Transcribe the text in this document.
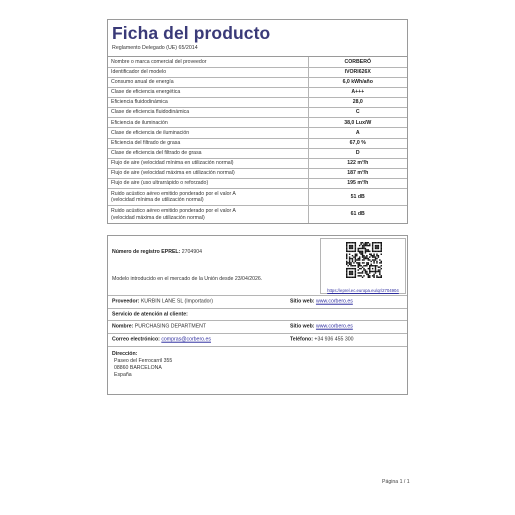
Ficha del producto
Reglamento Delegado (UE) 65/2014
Nombre o marca comercial del proveedor	CORBERÓ
Identificador del modelo	IVORI626X
Consumo anual de energía	6,0 kWh/año
Clase de eficiencia energética	A+++
Eficiencia fluidodinámica	28,0
Clase de eficiencia fluidodinámica	C
Eficiencia de iluminación	38,0 Lux/W
Clase de eficiencia de iluminación	A
Eficiencia del filtrado de grasa	67,0 %
Clase de eficiencia del filtrado de grasa	D
Flujo de aire (velocidad mínima en utilización normal)	122 m³/h
Flujo de aire (velocidad máxima en utilización normal)	187 m³/h
Flujo de aire (uso ultrarrápido o reforzado)	195 m³/h

Ruido acústico aéreo emitido ponderado por el valor A
(velocidad mínima de utilización normal)	51 dB

Ruido acústico aéreo emitido ponderado por el valor A
(velocidad máxima de utilización normal)	61 dB
Número de registro EPREL: 2704904
Modelo introducido en el mercado de la Unión desde 23/04/2026.
https://eprel.ec.europa.eu/qr/2704904
Proveedor: KURBIN LANE SL (Importador)	Sitio web: www.corbero.es
Servicio de atención al cliente:
Nombre: PURCHASING DEPARTMENT	Sitio web: www.corbero.es
Correo electrónico: compras@corbero.es	Teléfono: +34 936 455 300
Dirección:
Paseo del Ferrocarril 355
08860 BARCELONA
España
Página 1 / 1
